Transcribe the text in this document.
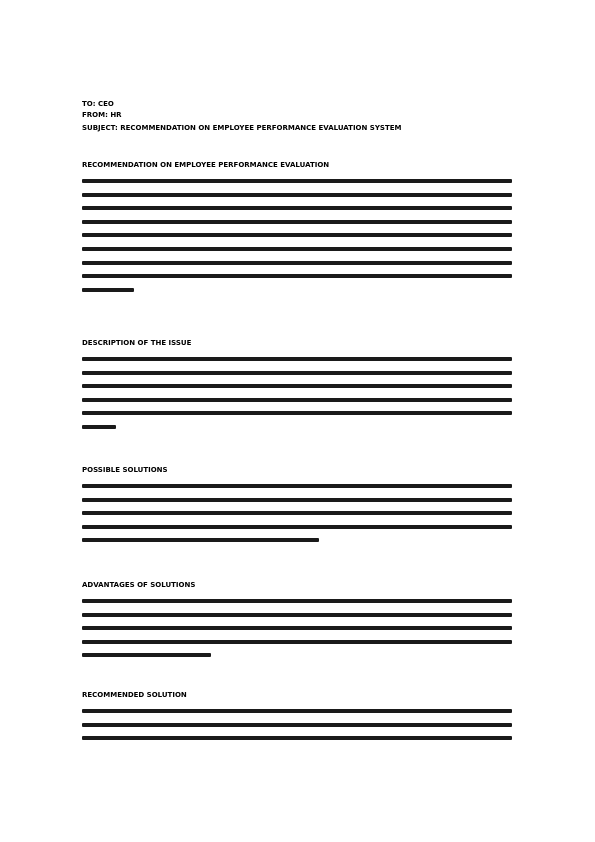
TO: CEO
FROM: HR
SUBJECT: RECOMMENDATION ON EMPLOYEE PERFORMANCE EVALUATION SYSTEM
RECOMMENDATION ON EMPLOYEE PERFORMANCE EVALUATION
DESCRIPTION OF THE ISSUE
POSSIBLE SOLUTIONS
ADVANTAGES OF SOLUTIONS
RECOMMENDED SOLUTION
